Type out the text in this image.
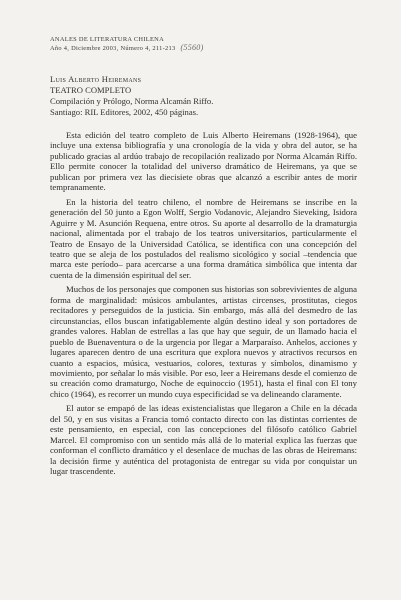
ANALES DE LITERATURA CHILENA
Año 4, Diciembre 2003, Número 4, 211-213 (5560)
Luis Alberto Heiremans
TEATRO COMPLETO
Compilación y Prólogo, Norma Alcamán Riffo.
Santiago: RIL Editores, 2002, 450 páginas.

Esta edición del teatro completo de Luis Alberto Heiremans (1928-1964), que incluye una extensa bibliografía y una cronología de la vida y obra del autor, se ha publicado gracias al ardúo trabajo de recopilación realizado por Norma Alcamán Riffo. Ello permite conocer la totalidad del universo dramático de Heiremans, ya que se publican por primera vez las diecisiete obras que alcanzó a escribir antes de morir tempranamente.

En la historia del teatro chileno, el nombre de Heiremans se inscribe en la generación del 50 junto a Egon Wolff, Sergio Vodanovic, Alejandro Sieveking, Isidora Aguirre y M. Asunción Requena, entre otros. Su aporte al desarrollo de la dramaturgia nacional, alimentada por el trabajo de los teatros universitarios, particularmente el Teatro de Ensayo de la Universidad Católica, se identifica con una concepción del teatro que se aleja de los postulados del realismo sicológico y social –tendencia que marca este período– para acercarse a una forma dramática simbólica que intenta dar cuenta de la dimensión espiritual del ser.

Muchos de los personajes que componen sus historias son sobrevivientes de alguna forma de marginalidad: músicos ambulantes, artistas circenses, prostitutas, ciegos recitadores y perseguidos de la justicia. Sin embargo, más allá del desmedro de las circunstancias, ellos buscan infatigablemente algún destino ideal y son portadores de grandes valores. Hablan de estrellas a las que hay que seguir, de un llamado hacia el pueblo de Buenaventura o de la urgencia por llegar a Marparaíso. Anhelos, acciones y lugares aparecen dentro de una escritura que explora nuevos y atractivos recursos en cuanto a espacios, música, vestuarios, colores, texturas y símbolos, dinamismo y movimiento, por señalar lo más visible. Por eso, leer a Heiremans desde el comienzo de su creación como dramaturgo, Noche de equinoccio (1951), hasta el final con El tony chico (1964), es recorrer un mundo cuya especificidad se va delineando claramente.

El autor se empapó de las ideas existencialistas que llegaron a Chile en la década del 50, y en sus visitas a Francia tomó contacto directo con las distintas corrientes de este pensamiento, en especial, con las concepciones del filósofo católico Gabriel Marcel. El compromiso con un sentido más allá de lo material explica las fuerzas que conforman el conflicto dramático y el desenlace de muchas de las obras de Heiremans: la decisión firme y auténtica del protagonista de entregar su vida por conquistar un lugar trascendente.
